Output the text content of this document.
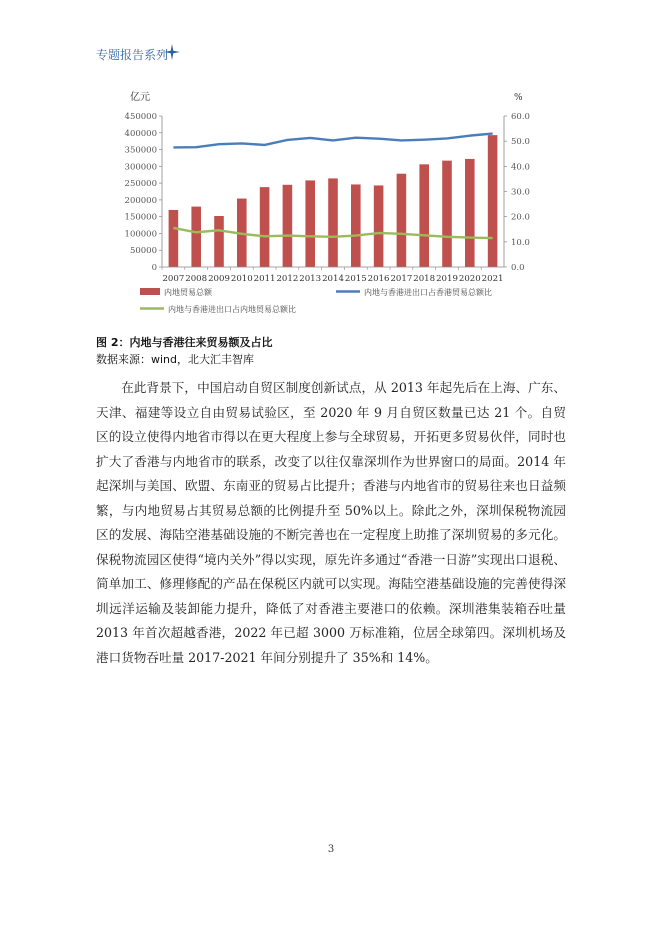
专题报告系列
亿元	%
0
50000
100000
150000
200000
250000
300000
350000
400000
450000
0.0
10.0
20.0
30.0
40.0
50.0
60.0
2007 2008 2009 2010 2011 2012 2013 2014 2015 2016 2017 2018 2019 2020 2021
内地贸易总额	内地与香港进出口占香港贸易总额比
内地与香港进出口占内地贸易总额比
图 2：内地与香港往来贸易额及占比
数据来源：wind，北大汇丰智库

在此背景下，中国启动自贸区制度创新试点，从 2013 年起先后在上海、广东、天津、福建等设立自由贸易试验区，至 2020 年 9 月自贸区数量已达 21 个。自贸区的设立使得内地省市得以在更大程度上参与全球贸易，开拓更多贸易伙伴，同时也扩大了香港与内地省市的联系，改变了以往仅靠深圳作为世界窗口的局面。2014 年起深圳与美国、欧盟、东南亚的贸易占比提升；香港与内地省市的贸易往来也日益频繁，与内地贸易占其贸易总额的比例提升至 50%以上。除此之外，深圳保税物流园区的发展、海陆空港基础设施的不断完善也在一定程度上助推了深圳贸易的多元化。保税物流园区使得“境内关外”得以实现，原先许多通过“香港一日游”实现出口退税、简单加工、修理修配的产品在保税区内就可以实现。海陆空港基础设施的完善使得深圳远洋运输及装卸能力提升，降低了对香港主要港口的依赖。深圳港集装箱吞吐量 2013 年首次超越香港，2022 年已超 3000 万标准箱，位居全球第四。深圳机场及港口货物吞吐量 2017-2021 年间分别提升了 35%和 14%。

3
